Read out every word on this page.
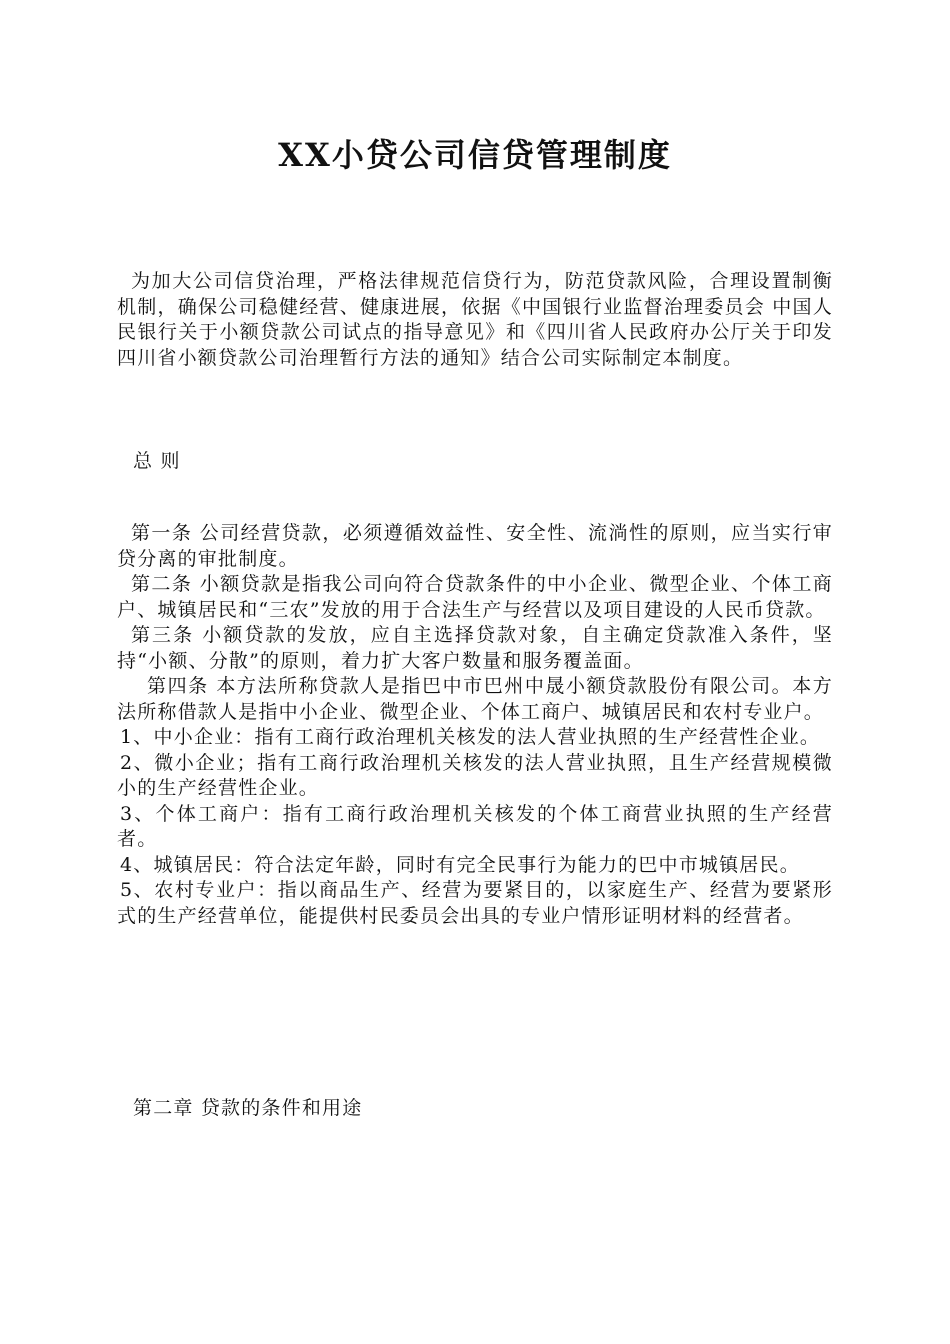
XX小贷公司信贷管理制度

为加大公司信贷治理，严格法律规范信贷行为，防范贷款风险，合理设置制衡机制，确保公司稳健经营、健康进展，依据《中国银行业监督治理委员会 中国人民银行关于小额贷款公司试点的指导意见》和《四川省人民政府办公厅关于印发四川省小额贷款公司治理暂行方法的通知》结合公司实际制定本制度。

总 则

第一条 公司经营贷款，必须遵循效益性、安全性、流淌性的原则，应当实行审贷分离的审批制度。

第二条 小额贷款是指我公司向符合贷款条件的中小企业、微型企业、个体工商户、城镇居民和“三农”发放的用于合法生产与经营以及项目建设的人民币贷款。

第三条 小额贷款的发放，应自主选择贷款对象，自主确定贷款准入条件，坚持“小额、分散”的原则，着力扩大客户数量和服务覆盖面。

第四条 本方法所称贷款人是指巴中市巴州中晟小额贷款股份有限公司。本方法所称借款人是指中小企业、微型企业、个体工商户、城镇居民和农村专业户。

1、中小企业：指有工商行政治理机关核发的法人营业执照的生产经营性企业。

2、微小企业；指有工商行政治理机关核发的法人营业执照，且生产经营规模微小的生产经营性企业。

3、个体工商户：指有工商行政治理机关核发的个体工商营业执照的生产经营者。

4、城镇居民：符合法定年龄，同时有完全民事行为能力的巴中市城镇居民。

5、农村专业户：指以商品生产、经营为要紧目的，以家庭生产、经营为要紧形式的生产经营单位，能提供村民委员会出具的专业户情形证明材料的经营者。

第二章 贷款的条件和用途
